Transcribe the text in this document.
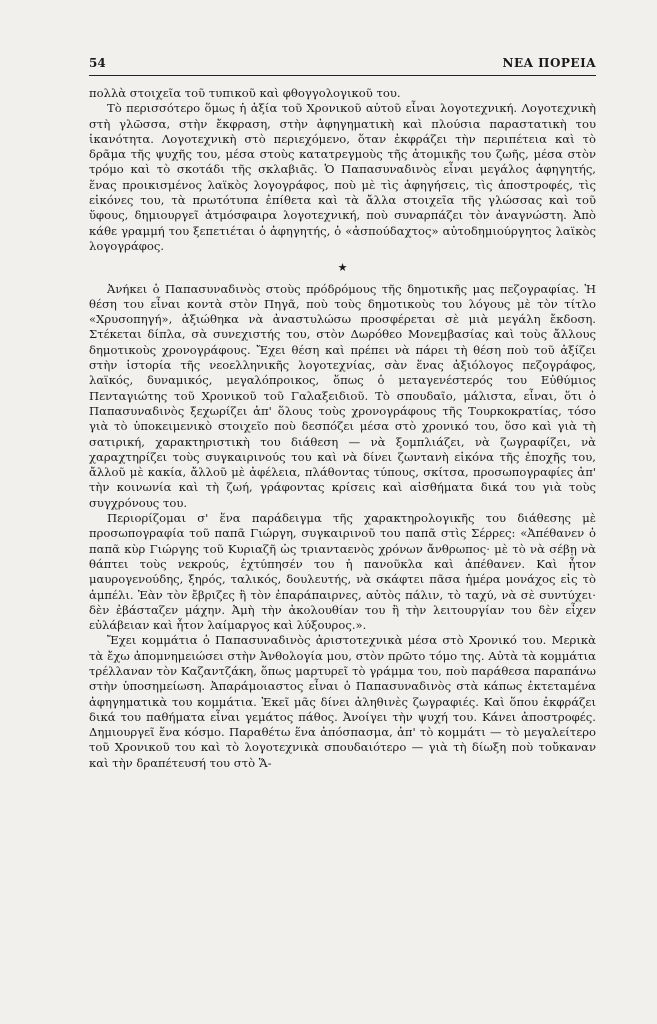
54	ΝΕΑ ΠΟΡΕΙΑ

πολλὰ στοιχεῖα τοῦ τυπικοῦ καὶ φθογγολογικοῦ του.

Τὸ περισσότερο ὅμως ἡ ἀξία τοῦ Χρονικοῦ αὐτοῦ εἶναι λογοτεχνική. Λογοτεχνικὴ στὴ γλῶσσα, στὴν ἔκφραση, στὴν ἀφηγηματικὴ καὶ πλούσια παραστατικὴ του ἱκανότητα. Λογοτεχνικὴ στὸ περιεχόμενο, ὅταν ἐκφράζει τὴν περιπέτεια καὶ τὸ δρᾶμα τῆς ψυχῆς του, μέσα στοὺς κατατρεγμοὺς τῆς ἀτομικῆς του ζωῆς, μέσα στὸν τρόμο καὶ τὸ σκοτάδι τῆς σκλαβιᾶς. Ὁ Παπασυναδινὸς εἶναι μεγάλος ἀφηγητής, ἕνας προικισμένος λαϊκὸς λογογράφος, ποὺ μὲ τὶς ἀφηγήσεις, τὶς ἀποστροφές, τὶς εἰκόνες του, τὰ πρωτότυπα ἐπίθετα καὶ τὰ ἄλλα στοιχεῖα τῆς γλώσσας καὶ τοῦ ὕφους, δημιουργεῖ ἀτμόσφαιρα λογοτεχνική, ποὺ συναρπάζει τὸν ἀναγνώστη. Ἀπὸ κάθε γραμμή του ξεπετιέται ὁ ἀφηγητής, ὁ «ἀσπούδαχτος» αὐτοδημιούργητος λαϊκὸς λογογράφος.

★

Ἀνήκει ὁ Παπασυναδινὸς στοὺς πρόδρόμους τῆς δημοτικῆς μας πεζογραφίας. Ἡ θέση του εἶναι κοντὰ στὸν Πηγᾶ, ποὺ τοὺς δημοτικοὺς του λόγους μὲ τὸν τίτλο «Χρυσοπηγή», ἀξιώθηκα νὰ ἀναστυλώσω προσφέρεται σὲ μιὰ μεγάλη ἔκδοση. Στέκεται δίπλα, σὰ συνεχιστής του, στὸν Δωρόθεο Μονεμβασίας καὶ τοὺς ἄλλους δημοτικοὺς χρονογράφους. Ἔχει θέση καὶ πρέπει νὰ πάρει τὴ θέση ποὺ τοῦ ἀξίζει στὴν ἱστορία τῆς νεοελληνικῆς λογοτεχνίας, σὰν ἕνας ἀξιόλογος πεζογράφος, λαϊκός, δυναμικός, μεγαλόπροικος, ὅπως ὁ μεταγενέστερός του Εὐθύμιος Πενταγιώτης τοῦ Χρονικοῦ τοῦ Γαλαξειδιοῦ. Τὸ σπουδαῖο, μάλιστα, εἶναι, ὅτι ὁ Παπασυναδινὸς ξεχωρίζει ἀπ' ὅλους τοὺς χρονογράφους τῆς Τουρκοκρατίας, τόσο γιὰ τὸ ὑποκειμενικὸ στοιχεῖο ποὺ δεσπόζει μέσα στὸ χρονικό του, ὅσο καὶ γιὰ τὴ σατιρική, χαρακτηριστικὴ του διάθεση — νὰ ξομπλιάζει, νὰ ζωγραφίζει, νὰ χαραχτηρίζει τοὺς συγκαιρινούς του καὶ νὰ δίνει ζωντανὴ εἰκόνα τῆς ἐποχῆς του, ἄλλοῦ μὲ κακία, ἄλλοῦ μὲ ἀφέλεια, πλάθοντας τύπους, σκίτσα, προσωπογραφίες ἀπ' τὴν κοινωνία καὶ τὴ ζωή, γράφοντας κρίσεις καὶ αἰσθήματα δικά του γιὰ τοὺς συγχρόνους του.

Περιορίζομαι σ' ἕνα παράδειγμα τῆς χαρακτηρολογικῆς του διάθεσης μὲ προσωπογραφία τοῦ παπᾶ Γιώργη, συγκαιρινοῦ του παπᾶ στὶς Σέρρες: «Ἀπέθανεν ὁ παπᾶ κὺρ Γιώργης τοῦ Κυριαζῆ ὡς τριανταενὸς χρόνων ἄνθρωπος· μὲ τὸ νὰ σέβῃ νὰ θάπτει τοὺς νεκρούς, ἐχτύπησέν του ἡ πανοῦκλα καὶ ἀπέθανεν. Καὶ ἦτον μαυρογενούδης, ξηρός, ταλικός, δουλευτής, νὰ σκάφτει πᾶσα ἡμέρα μονάχος εἰς τὸ ἀμπέλι. Ἐὰν τὸν ἔβριζες ἢ τὸν ἐπαράπαιρνες, αὐτὸς πάλιν, τὸ ταχύ, νὰ σὲ συντύχει· δὲν ἐβάσταζεν μάχην. Ἀμὴ τὴν ἀκολουθίαν του ἢ τὴν λειτουργίαν του δὲν εἶχεν εὐλάβειαν καὶ ἦτον λαίμαργος καὶ λύξουρος.».

Ἔχει κομμάτια ὁ Παπασυναδινὸς ἀριστοτεχνικὰ μέσα στὸ Χρονικό του. Μερικὰ τὰ ἔχω ἀπομνημειώσει στὴν Ἀνθολογία μου, στὸν πρῶτο τόμο της. Αὐτὰ τὰ κομμάτια τρέλλαναν τὸν Καζαντζάκη, ὅπως μαρτυρεῖ τὸ γράμμα του, ποὺ παράθεσα παραπάνω στὴν ὑποσημείωση. Ἀπαράμοιαστος εἶναι ὁ Παπασυναδινὸς στὰ κάπως ἐκτεταμένα ἀφηγηματικὰ του κομμάτια. Ἐκεῖ μᾶς δίνει ἀληθινὲς ζωγραφιές. Καὶ ὅπου ἐκφράζει δικά του παθήματα εἶναι γεμάτος πάθος. Ἀνοίγει τὴν ψυχή του. Κάνει ἀποστροφές. Δημιουργεῖ ἕνα κόσμο. Παραθέτω ἕνα ἀπόσπασμα, ἀπ' τὸ κομμάτι — τὸ μεγαλείτερο τοῦ Χρονικοῦ του καὶ τὸ λογοτεχνικὰ σπουδαιότερο — γιὰ τὴ δίωξη ποὺ τοὔκαναν καὶ τὴν δραπέτευσή του στὸ Ἅ-
